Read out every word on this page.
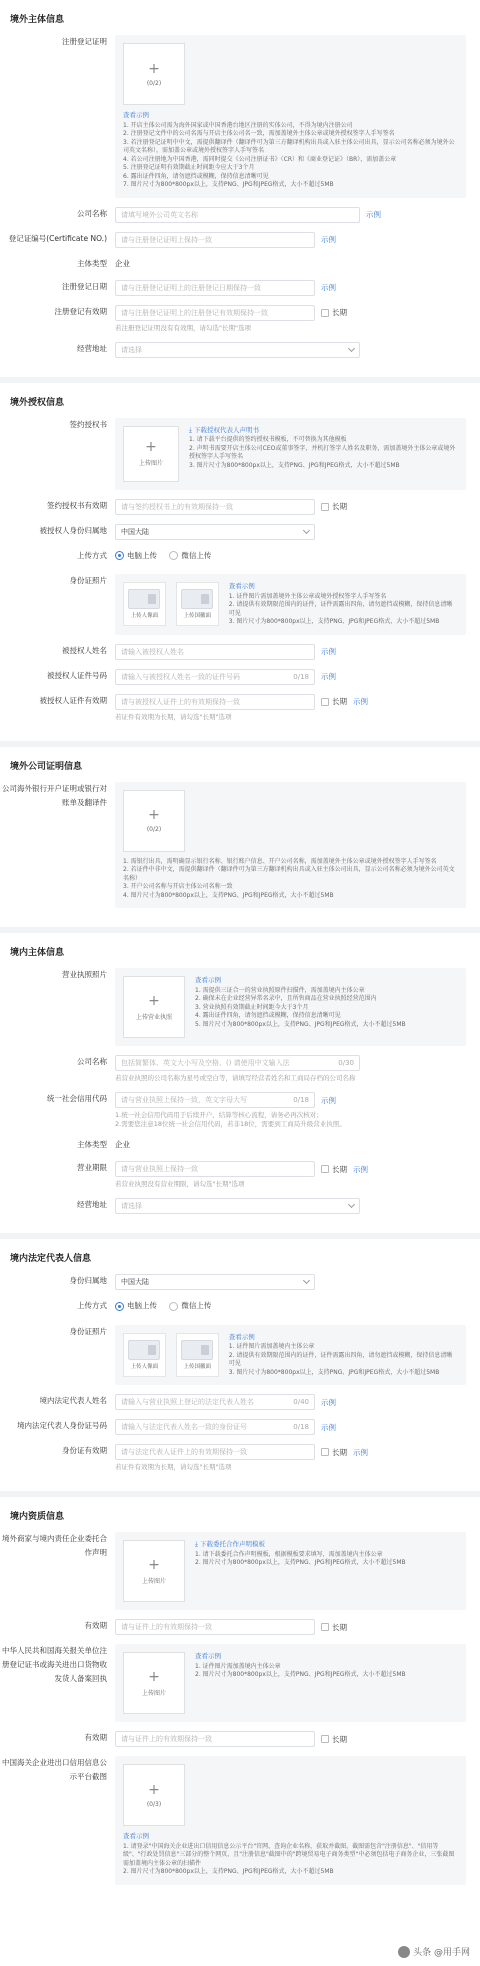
境外主体信息
注册登记证明
+
(0/2)
查看示例
1. 开店主体公司需为海外国家或中国香港台地区注册的实体公司，不得为境内注册公司
2. 注册登记文件中的公司名需与开店主体公司名一致，需加盖境外主体公章或境外授权签字人手写签名
3. 若注册登记证明中中文，需提供翻译件（翻译件可为第三方翻译机构出具或入驻主体公司出具，显示公司名称必须为境外公司英文名称），需加盖公章或境外授权签字人手写签名
4. 若公司注册地为中国香港，需同时提交《公司注册证书》（CR）和《商业登记证》（BR），需加盖公章
5. 注册登记证明有效期截止时间距今应大于3个月
6. 露出证件四角，请勿遮挡或模糊，保持信息清晰可见
7. 图片尺寸为800*800px以上，支持PNG、JPG和JPEG格式，大小不超过5MB
公司名称	请填写境外公司英文名称	示例
登记证编号(Certificate NO.)	请与注册登记证明上保持一致	示例
主体类型	企业
注册登记日期	请与注册登记证明上的注册登记日期保持一致	示例
注册登记有效期	请与注册登记证明上的注册登记有效期保持一致	长期
若注册登记证明没有有效期，请勾选"长期"选项
经营地址	请选择
境外授权信息
签约授权书
+
上传图片
⤓ 下载授权代表人声明书
1. 请下载平台提供的签约授权书模板，不可替换为其他模板
2. 声明书需要开店主体公司CEO或董事签字，并机打签字人姓名及职务，需加盖境外主体公章或境外授权签字人手写签名
3. 图片尺寸为800*800px以上，支持PNG、JPG和JPEG格式，大小不超过5MB
签约授权书有效期	请与签约授权书上的有效期保持一致	长期
被授权人身份归属地	中国大陆
上传方式	电脑上传
	微信上传
身份证照片
上传人像面	上传国徽面
查看示例
1. 证件图片需加盖境外主体公章或境外授权签字人手写签名
2. 请提供有效期限范围内的证件，证件需露出四角，请勿遮挡或模糊，保持信息清晰可见
3. 图片尺寸为800*800px以上，支持PNG、JPG和JPEG格式，大小不超过5MB
被授权人姓名	请输入被授权人姓名	示例
被授权人证件号码	请输入与被授权人姓名一致的证件号码	0/18 示例
被授权人证件有效期	请与被授权人证件上的有效期保持一致	长期 示例
若证件有效期为长期，请勾选"长期"选项
境外公司证明信息
公司海外银行开户证明或银行对账单及翻译件
+
(0/2)
1. 需银行出具，需明确显示银行名称、银行账户信息、开户公司名称，需加盖境外主体公章或境外授权签字人手写签名
2. 若证件中非中文，需提供翻译件（翻译件可为第三方翻译机构出具或入驻主体公司出具，显示公司名称必须为境外公司英文名称）
3. 开户公司名称与开店主体公司名称一致
4. 图片尺寸为800*800px以上，支持PNG、JPG和JPEG格式，大小不超过5MB
境内主体信息
营业执照照片
+
上传营业执照
查看示例
1. 需提供三证合一的营业执照原件扫描件，需加盖境内主体公章
2. 确保未在企业经营异常名录中，且所售商品在营业执照经营范围内
3. 营业执照有效期截止时间距今大于3个月
4. 露出证件四角，请勿遮挡或模糊，保持信息清晰可见
5. 图片尺寸为800*800px以上，支持PNG、JPG和JPEG格式，大小不超过5MB
公司名称	包括简繁体、英文大小写及空格、() 请使用中文输入法	0/30
若营业执照的公司名称为星号或空白等，请填写经营者姓名和工商局存档的公司名称
统一社会信用代码	请与营业执照上保持一致，英文字母大写	0/18 示例
1.统一社会信用代码用于后续开户、结算等核心流程，请务必再次核对；
2.需要您注意18位统一社会信用代码，若非18位，需要到工商局升级营业执照。
主体类型	企业
营业期限	请与营业执照上保持一致	长期 示例
若营业执照没有营业期限，请勾选"长期"选项
经营地址	请选择
境内法定代表人信息
身份归属地	中国大陆
上传方式	电脑上传
	微信上传
身份证照片
上传人像面	上传国徽面
查看示例
1. 证件图片需加盖境内主体公章
2. 请提供有效期限范围内的证件，证件需露出四角，请勿遮挡或模糊，保持信息清晰可见
3. 图片尺寸为800*800px以上，支持PNG、JPG和JPEG格式，大小不超过5MB
境内法定代表人姓名	请输入与营业执照上登记的法定代表人姓名	0/40 示例
境内法定代表人身份证号码	请输入与法定代表人姓名一致的身份证号	0/18 示例
身份证有效期	请与法定代表人证件上的有效期保持一致	长期 示例
若证件有效期为长期，请勾选"长期"选项
境内资质信息
境外商家与境内责任企业委托合作声明
+
上传图片
⤓ 下载委托合作声明模板
1. 请下载委托合作声明模板，根据模板要求填写，需加盖境内主体公章
2. 图片尺寸为800*800px以上，支持PNG、JPG和JPEG格式，大小不超过5MB
有效期	请与证件上的有效期保持一致	长期
中华人民共和国海关报关单位注册登记证书或海关进出口货物收发货人备案回执	+
上传图片
查看示例
1. 证件图片需加盖境内主体公章
2. 图片尺寸为800*800px以上，支持PNG、JPG和JPEG格式，大小不超过5MB
有效期	请与证件上的有效期保持一致	长期
中国海关企业进出口信用信息公示平台截图
+
(0/3)
查看示例
1. 请登录"中国海关企业进出口信用信息公示平台"官网，查询企业名称，获取并截图，截图需包含"注册信息"、"信用等级"、"行政处罚信息"三部分的整个网页，且"注册信息"截图中的"跨境贸易电子商务类型"中必须包括电子商务企业，三张截图需加盖境内主体公章的扫描件
2. 图片尺寸为800*800px以上，支持PNG、JPG和JPEG格式，大小不超过5MB
头条 @用手网
